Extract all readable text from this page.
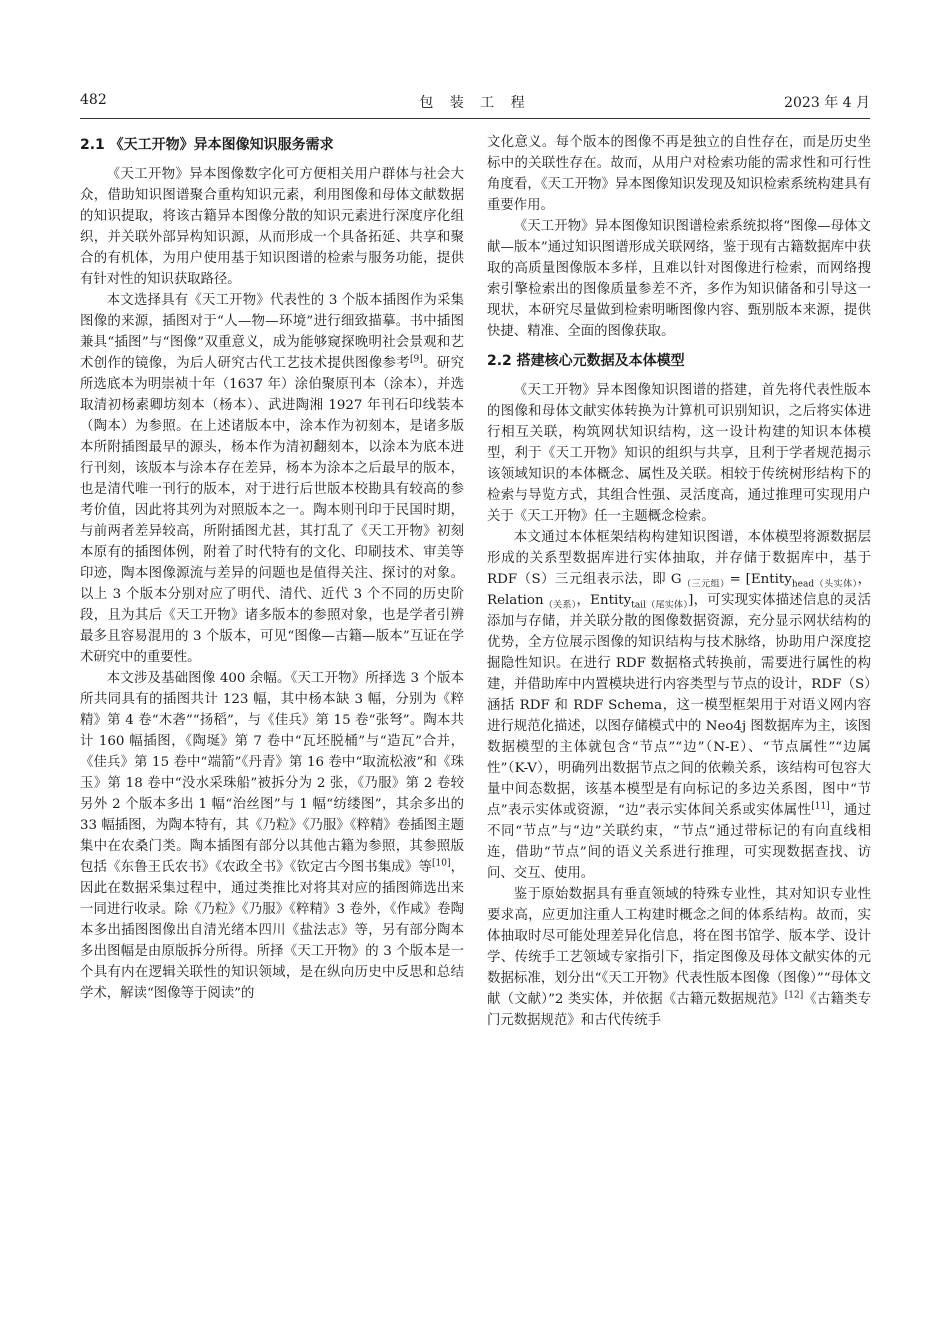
482	包 装 工 程	2023 年 4 月
2.1 《天工开物》异本图像知识服务需求

《天工开物》异本图像数字化可方便相关用户群体与社会大众，借助知识图谱聚合重构知识元素，利用图像和母体文献数据的知识提取，将该古籍异本图像分散的知识元素进行深度序化组织，并关联外部异构知识源，从而形成一个具备拓延、共享和聚合的有机体，为用户使用基于知识图谱的检索与服务功能，提供有针对性的知识获取路径。

本文选择具有《天工开物》代表性的 3 个版本插图作为采集图像的来源，插图对于“人—物—环境”进行细致描摹。书中插图兼具“插图”与“图像”双重意义，成为能够窥探晚明社会景观和艺术创作的镜像，为后人研究古代工艺技术提供图像参考[9]。研究所选底本为明崇祯十年（1637 年）涂伯聚原刊本（涂本），并选取清初杨素卿坊刻本（杨本）、武进陶湘 1927 年刊石印线装本（陶本）为参照。在上述诸版本中，涂本作为初刻本，是诸多版本所附插图最早的源头，杨本作为清初翻刻本，以涂本为底本进行刊刻，该版本与涂本存在差异，杨本为涂本之后最早的版本，也是清代唯一刊行的版本，对于进行后世版本校勘具有较高的参考价值，因此将其列为对照版本之一。陶本则刊印于民国时期，与前两者差异较高，所附插图尤甚，其打乱了《天工开物》初刻本原有的插图体例，附着了时代特有的文化、印刷技术、审美等印迹，陶本图像源流与差异的问题也是值得关注、探讨的对象。以上 3 个版本分别对应了明代、清代、近代 3 个不同的历史阶段，且为其后《天工开物》诸多版本的参照对象，也是学者引辨最多且容易混用的 3 个版本，可见“图像—古籍—版本”互证在学术研究中的重要性。

本文涉及基础图像 400 余幅。《天工开物》所择选 3 个版本所共同具有的插图共计 123 幅，其中杨本缺 3 幅，分别为《粹精》第 4 卷“木砻”“扬稻”，与《佳兵》第 15 卷“张弩”。陶本共计 160 幅插图，《陶埏》第 7 卷中“瓦坯脱桶”与“造瓦”合并，《佳兵》第 15 卷中“端箭”《丹青》第 16 卷中“取流松液”和《珠玉》第 18 卷中“没水采珠船”被拆分为 2 张，《乃服》第 2 卷较另外 2 个版本多出 1 幅“治丝图”与 1 幅“纺缕图”，其余多出的 33 幅插图，为陶本特有，其《乃粒》《乃服》《粹精》卷插图主题集中在农桑门类。陶本插图有部分以其他古籍为参照，其参照版包括《东鲁王氏农书》《农政全书》《钦定古今图书集成》等[10]，因此在数据采集过程中，通过类推比对将其对应的插图筛选出来一同进行收录。除《乃粒》《乃服》《粹精》3 卷外，《作咸》卷陶本多出插图图像出自清光绪本四川《盐法志》等，另有部分陶本多出图幅是由原版拆分所得。所择《天工开物》的 3 个版本是一个具有内在逻辑关联性的知识领域，是在纵向历史中反思和总结学术，解读“图像等于阅读”的

文化意义。每个版本的图像不再是独立的自性存在，而是历史坐标中的关联性存在。故而，从用户对检索功能的需求性和可行性角度看，《天工开物》异本图像知识发现及知识检索系统构建具有重要作用。

《天工开物》异本图像知识图谱检索系统拟将“图像—母体文献—版本”通过知识图谱形成关联网络，鉴于现有古籍数据库中获取的高质量图像版本多样，且难以针对图像进行检索，而网络搜索引擎检索出的图像质量参差不齐，多作为知识储备和引导这一现状，本研究尽量做到检索明晰图像内容、甄别版本来源，提供快捷、精准、全面的图像获取。

2.2 搭建核心元数据及本体模型

《天工开物》异本图像知识图谱的搭建，首先将代表性版本的图像和母体文献实体转换为计算机可识别知识，之后将实体进行相互关联，构筑网状知识结构，这一设计构建的知识本体模型，利于《天工开物》知识的组织与共享，且利于学者规范揭示该领域知识的本体概念、属性及关联。相较于传统树形结构下的检索与导览方式，其组合性强、灵活度高，通过推理可实现用户关于《天工开物》任一主题概念检索。

本文通过本体框架结构构建知识图谱，本体模型将源数据层形成的关系型数据库进行实体抽取，并存储于数据库中，基于 RDF（S）三元组表示法，即 $G_{(三元组)}=$ [Entity$_{head(头实体)}$，Relation$_{(关系)}$，Entity$_{tail(尾实体)}$]，可实现实体描述信息的灵活添加与存储，并关联分散的图像数据资源，充分显示网状结构的优势，全方位展示图像的知识结构与技术脉络，协助用户深度挖掘隐性知识。在进行 RDF 数据格式转换前，需要进行属性的构建，并借助库中内置模块进行内容类型与节点的设计，RDF（S）涵括 RDF 和 RDF Schema，这一模型框架用于对语义网内容进行规范化描述，以图存储模式中的 Neo4j 图数据库为主，该图数据模型的主体就包含“节点”“边”（N-E）、“节点属性”“边属性”（K-V），明确列出数据节点之间的依赖关系，该结构可包容大量中间态数据，该基本模型是有向标记的多边关系图，图中“节点”表示实体或资源，“边”表示实体间关系或实体属性[11]，通过不同“节点”与“边”关联约束，“节点”通过带标记的有向直线相连，借助“节点”间的语义关系进行推理，可实现数据查找、访问、交互、使用。

鉴于原始数据具有垂直领域的特殊专业性，其对知识专业性要求高，应更加注重人工构建时概念之间的体系结构。故而，实体抽取时尽可能处理差异化信息，将在图书馆学、版本学、设计学、传统手工艺领域专家指引下，指定图像及母体文献实体的元数据标准，划分出“《天工开物》代表性版本图像（图像）”“母体文献（文献）”2 类实体，并依据《古籍元数据规范》[12]《古籍类专门元数据规范》和古代传统手
